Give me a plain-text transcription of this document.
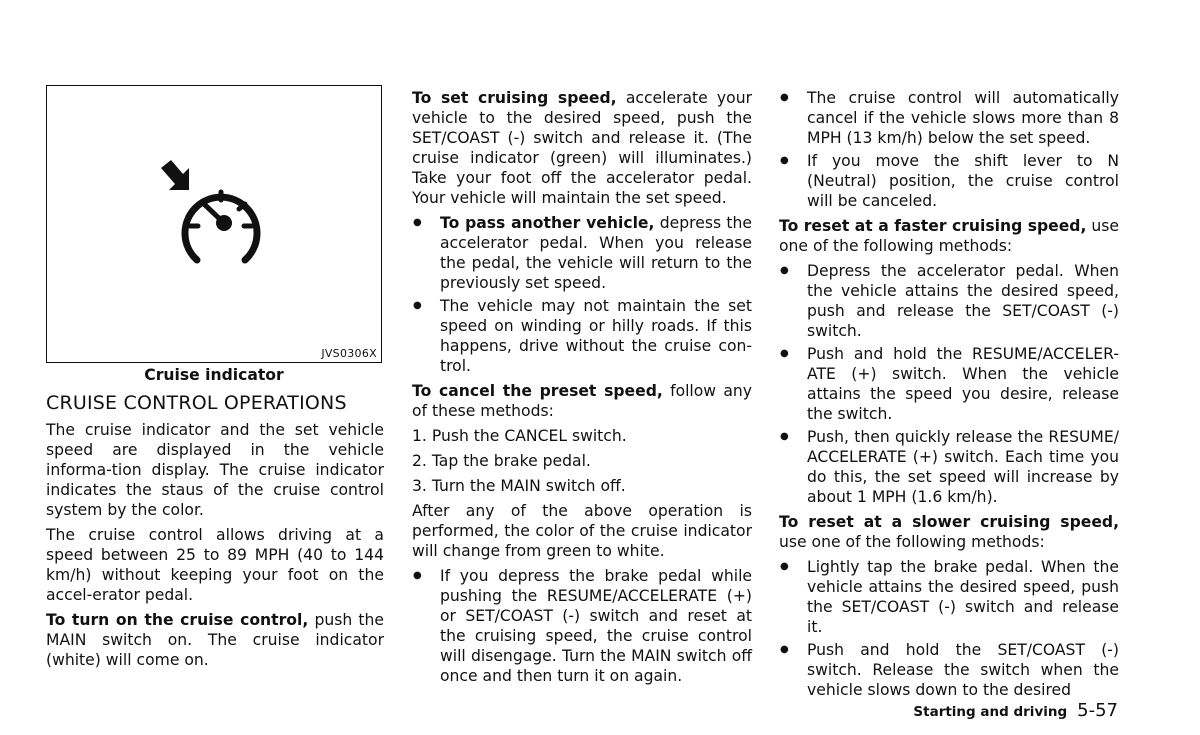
JVS0306X
Cruise indicator
CRUISE CONTROL OPERATIONS

The cruise indicator and the set vehicle speed are displayed in the vehicle informa-tion display. The cruise indicator indicates the staus of the cruise control system by the color.

The cruise control allows driving at a speed between 25 to 89 MPH (40 to 144 km/h) without keeping your foot on the accel-erator pedal.

To turn on the cruise control, push the MAIN switch on. The cruise indicator (white) will come on.

To set cruising speed, accelerate your vehicle to the desired speed, push the SET/COAST (-) switch and release it. (The cruise indicator (green) will illuminates.) Take your foot off the accelerator pedal. Your vehicle will maintain the set speed.

● To pass another vehicle, depress the accelerator pedal. When you release the pedal, the vehicle will return to the previously set speed.
● The vehicle may not maintain the set speed on winding or hilly roads. If this happens, drive without the cruise con-trol.

To cancel the preset speed, follow any of these methods:

1. Push the CANCEL switch.
2. Tap the brake pedal.
3. Turn the MAIN switch off.

After any of the above operation is performed, the color of the cruise indicator will change from green to white.

● If you depress the brake pedal while pushing the RESUME/ACCELERATE (+) or SET/COAST (-) switch and reset at the cruising speed, the cruise control will disengage. Turn the MAIN switch off once and then turn it on again.
● The cruise control will automatically cancel if the vehicle slows more than 8 MPH (13 km/h) below the set speed.
● If you move the shift lever to N (Neutral) position, the cruise control will be canceled.

To reset at a faster cruising speed, use one of the following methods:

● Depress the accelerator pedal. When the vehicle attains the desired speed, push and release the SET/COAST (-) switch.
● Push and hold the RESUME/ACCELER-ATE (+) switch. When the vehicle attains the speed you desire, release the switch.
● Push, then quickly release the RESUME/ ACCELERATE (+) switch. Each time you do this, the set speed will increase by about 1 MPH (1.6 km/h).

To reset at a slower cruising speed, use one of the following methods:

● Lightly tap the brake pedal. When the vehicle attains the desired speed, push the SET/COAST (-) switch and release it.
● Push and hold the SET/COAST (-) switch. Release the switch when the vehicle slows down to the desired
Starting and driving 5-57
